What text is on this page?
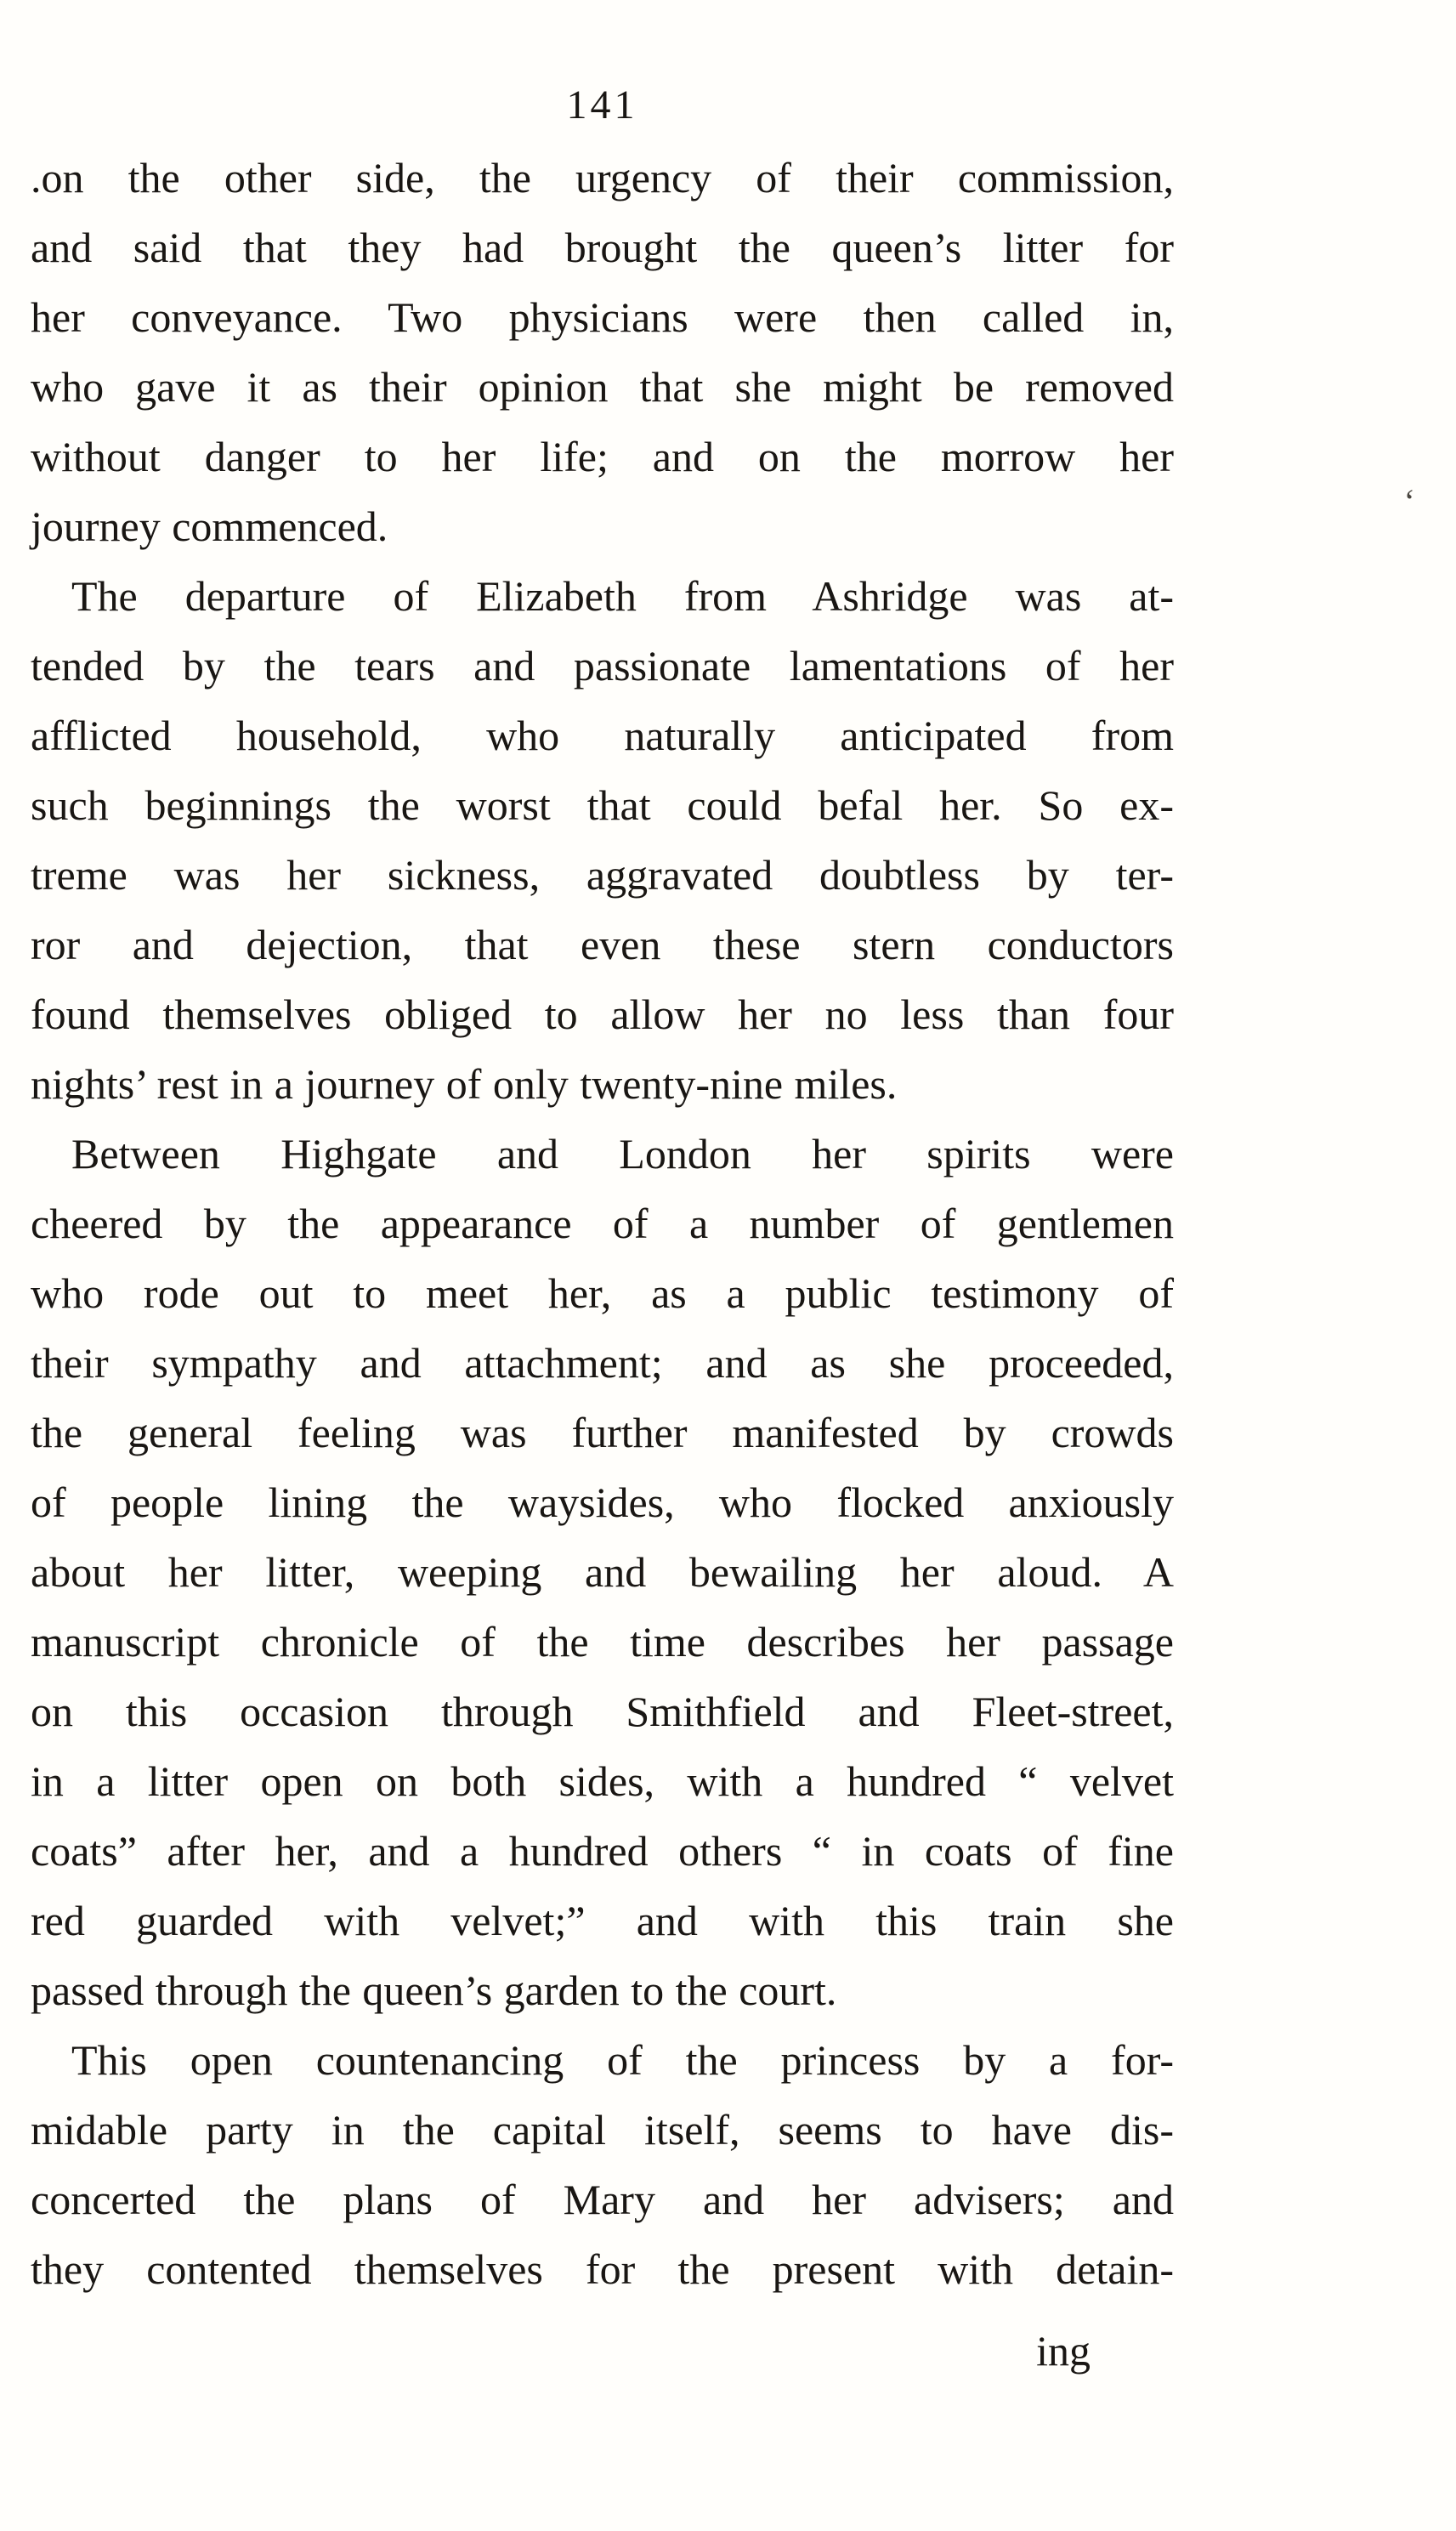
141

.on the other side, the urgency of their commission,
and said that they had brought the queen’s litter for
her conveyance. Two physicians were then called in,
who gave it as their opinion that she might be removed
without danger to her life; and on the morrow her
journey commenced.

The departure of Elizabeth from Ashridge was at-
tended by the tears and passionate lamentations of her
afflicted household, who naturally anticipated from
such beginnings the worst that could befal her. So ex-
treme was her sickness, aggravated doubtless by ter-
ror and dejection, that even these stern conductors
found themselves obliged to allow her no less than four
nights’ rest in a journey of only twenty-nine miles.

Between Highgate and London her spirits were
cheered by the appearance of a number of gentlemen
who rode out to meet her, as a public testimony of
their sympathy and attachment; and as she proceeded,
the general feeling was further manifested by crowds
of people lining the waysides, who flocked anxiously
about her litter, weeping and bewailing her aloud. A
manuscript chronicle of the time describes her passage
on this occasion through Smithfield and Fleet-street,
in a litter open on both sides, with a hundred “ velvet
coats” after her, and a hundred others “ in coats of fine
red guarded with velvet;” and with this train she
passed through the queen’s garden to the court.

This open countenancing of the princess by a for-
midable party in the capital itself, seems to have dis-
concerted the plans of Mary and her advisers; and
they contented themselves for the present with detain-

ing
‘
